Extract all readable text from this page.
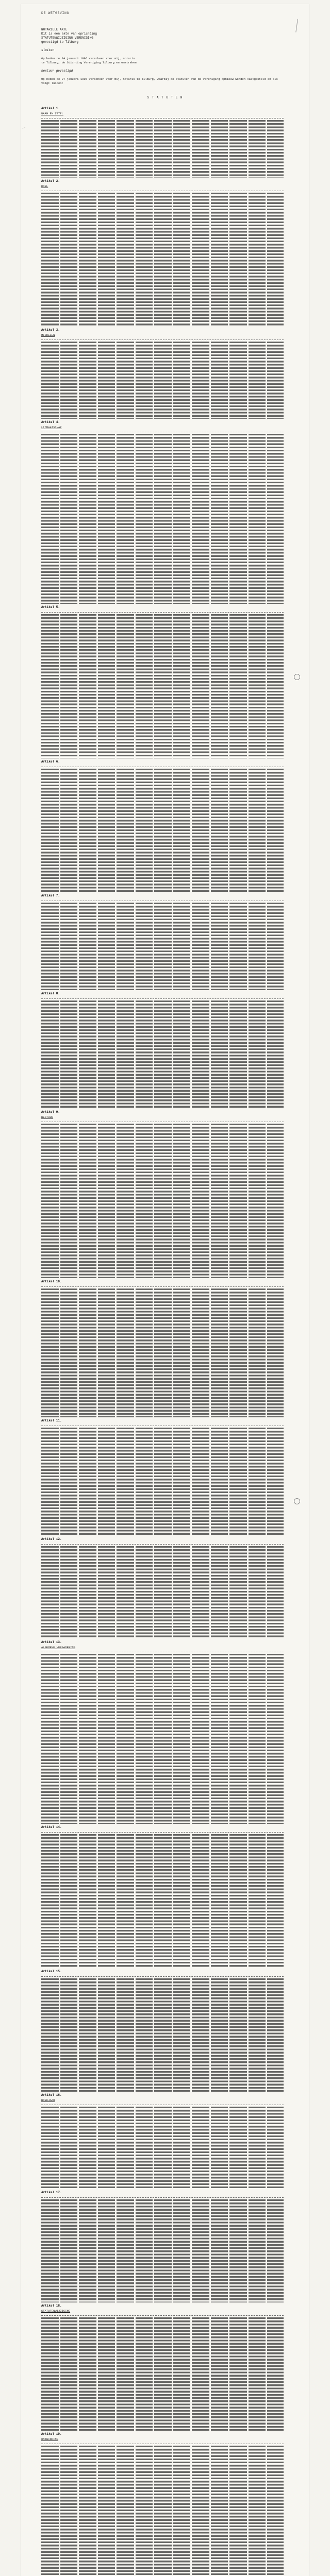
DE WETGEVING
NOTARIËLE AKTE
Dit is een akte van oprichting
STATUTENWIJZIGING VERENIGING
gevestigd te Tilburg
sluiten
Op heden de 24 januari 1996 verscheen voor mij, notaris
te Tilburg, de Stichting Vereniging Tilburg en omstreken
bestuur gevestigd
Op heden de 27 januari 1996 verscheen voor mij, notaris te Tilburg, waarbij de statuten van de vereniging opnieuw worden vastgesteld en als volgt luiden:
S T A T U T E N
...
Artikel 1.
NAAM EN ZETEL
Artikel 2.
DOEL
Artikel 3.
MIDDELEN
Artikel 4.
LIDMAATSCHAP
Artikel 5.
Artikel 6.
Artikel 7.
Artikel 8.
Artikel 9.
BESTUUR
Artikel 10.
Artikel 11.
Artikel 12.
Artikel 13.
ALGEMENE VERGADERING
Artikel 14.
Artikel 15.
Artikel 16.
BOEKJAAR
Artikel 17.
Artikel 18.
STATUTENWIJZIGING
Artikel 19.
ONTBINDING
